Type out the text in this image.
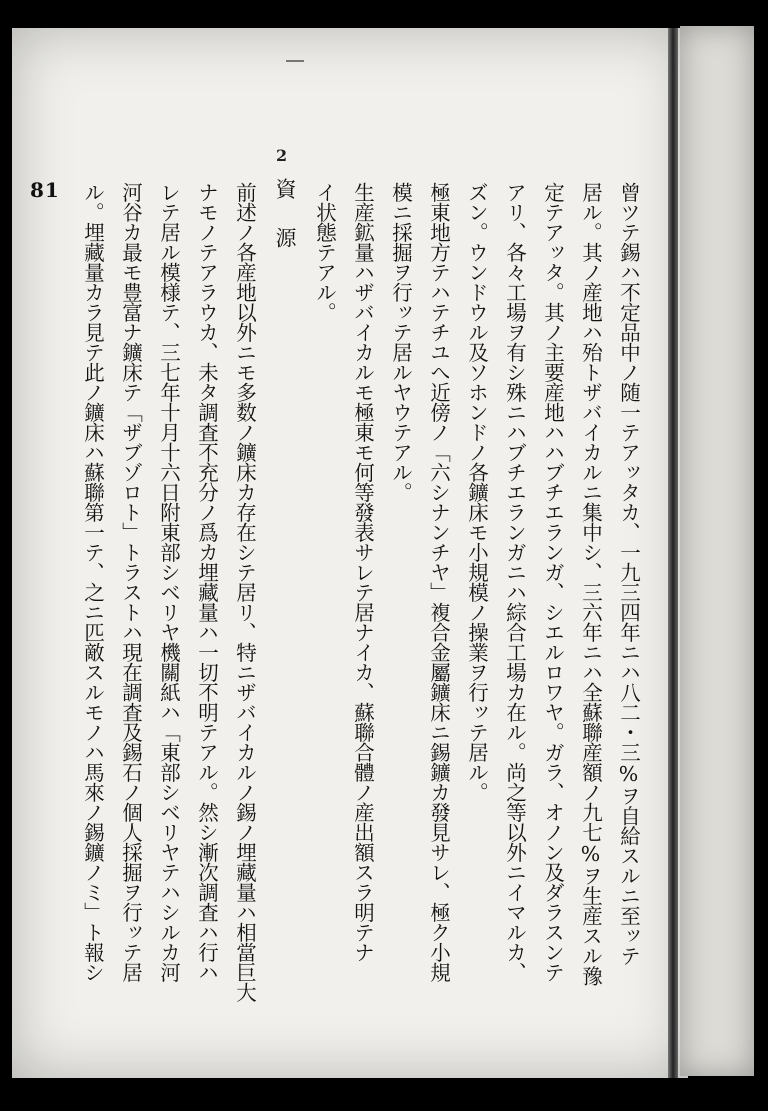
81	曾ツテ錫ハ不定品中ノ随一テアッタカ、一九三四年ニハ八二・三%ヲ自給スルニ至ッテ
居ル。其ノ産地ハ殆トザバイカルニ集中シ、三六年ニハ全蘇聯産額ノ九七%ヲ生産スル豫
定テアッタ。其ノ主要産地ハハブチエランガ、シエルロワヤ。ガラ、オノン及ダラスンテ
アリ、各々工場ヲ有シ殊ニハブチエランガニハ綜合工場カ在ル。尚之等以外ニイマルカ、
ズン。ウンドウル及ソホンドノ各鑛床モ小規模ノ操業ヲ行ッテ居ル。
極東地方テハテチユへ近傍ノ「六シナンチヤ」複合金屬鑛床ニ錫鑛カ發見サレ、極ク小規
模ニ採掘ヲ行ッテ居ルヤウテアル。
生産鉱量ハザバイカルモ極東モ何等發表サレテ居ナイカ、蘇聯合體ノ産出額スラ明テナ
イ状態テアル。
2
資源
前述ノ各産地以外ニモ多数ノ鑛床カ存在シテ居リ、特ニザバイカルノ錫ノ埋藏量ハ相當巨大
ナモノテアラウカ、未タ調査不充分ノ爲カ埋藏量ハ一切不明テアル。然シ漸次調査ハ行ハ
レテ居ル模様テ、三七年十月十六日附東部シベリヤ機關紙ハ「東部シベリヤテハシルカ河
河谷カ最モ豊富ナ鑛床テ「ザブゾロト」トラストハ現在調査及錫石ノ個人採掘ヲ行ッテ居
ル。埋藏量カラ見テ此ノ鑛床ハ蘇聯第一テ、之ニ匹敵スルモノハ馬來ノ錫鑛ノミ」ト報シ
